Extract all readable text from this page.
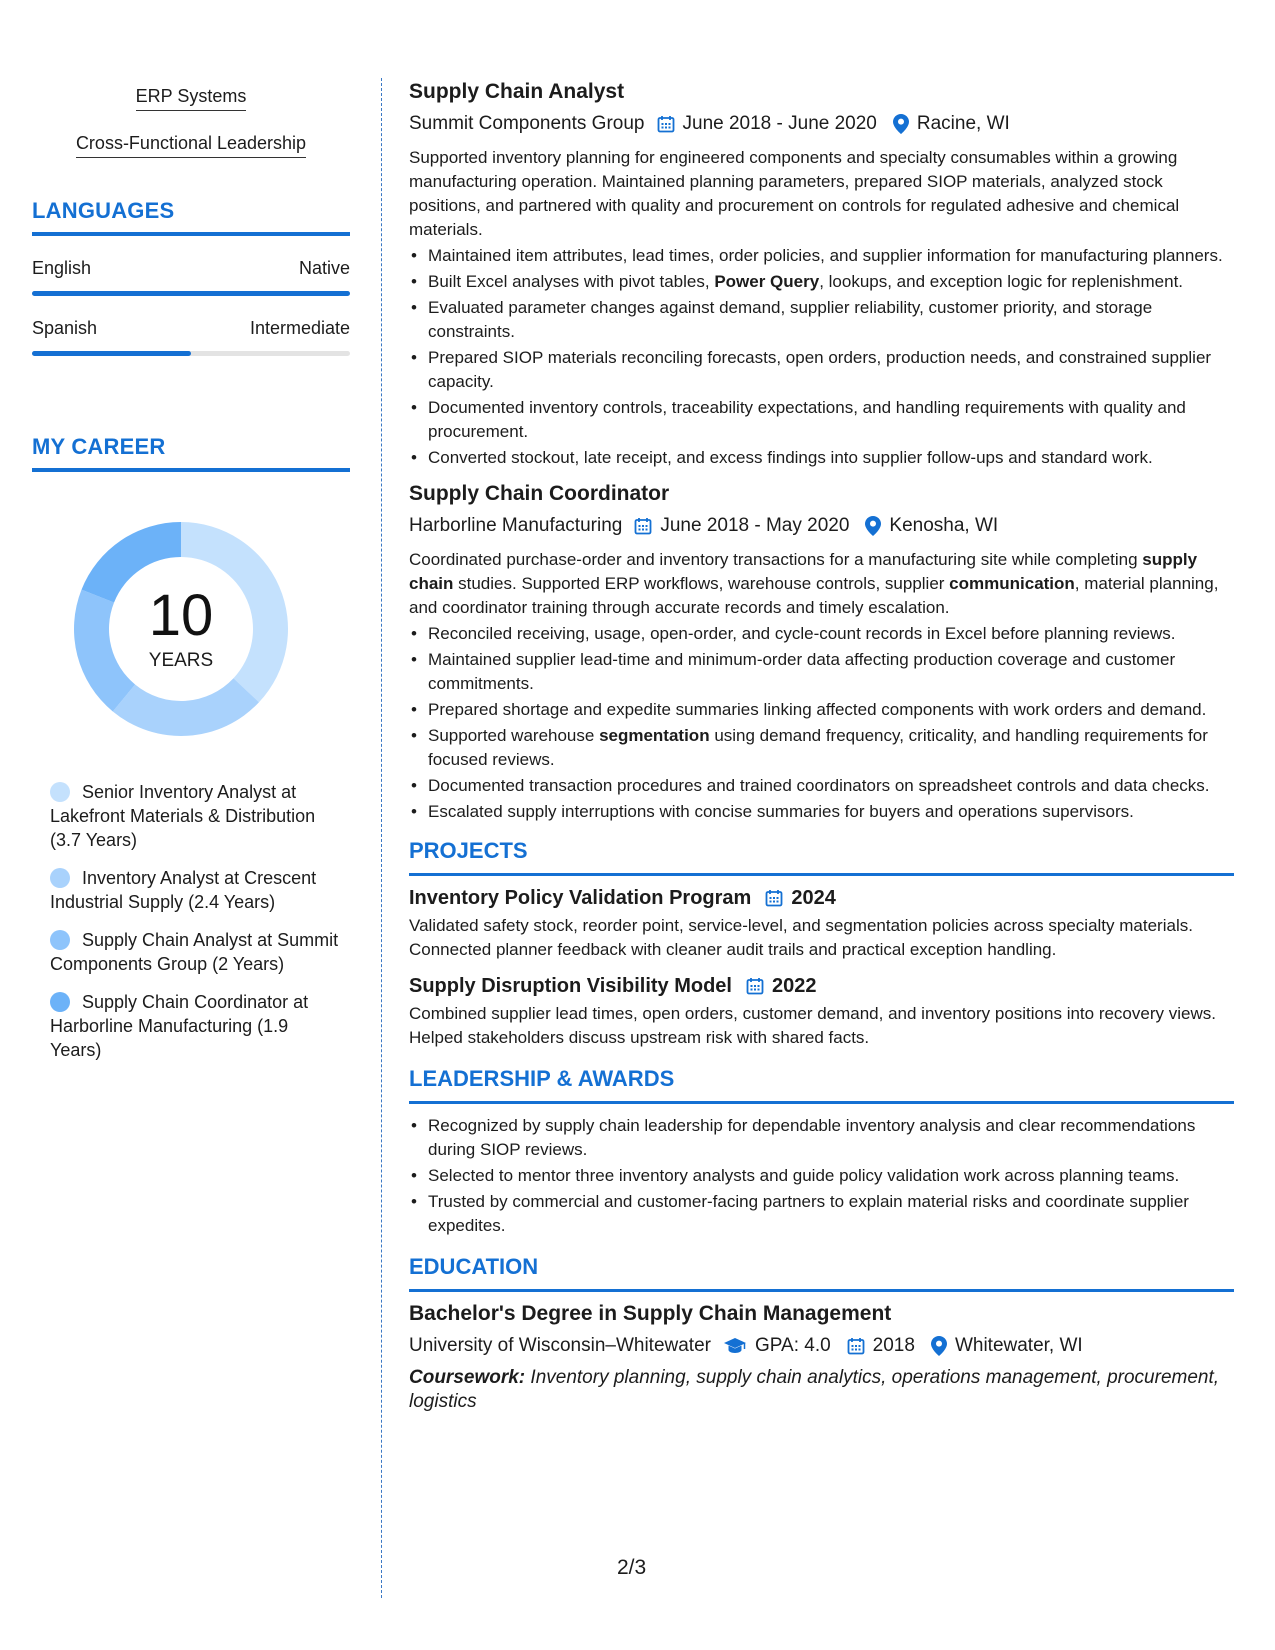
ERP Systems
Cross-Functional Leadership
LANGUAGES
English	Native
Spanish	Intermediate
MY CAREER
10
YEARS
Senior Inventory Analyst at Lakefront Materials & Distribution (3.7 Years)
Inventory Analyst at Crescent Industrial Supply (2.4 Years)
Supply Chain Analyst at Summit Components Group (2 Years)
Supply Chain Coordinator at Harborline Manufacturing (1.9 Years)
Supply Chain Analyst
Summit Components Group June 2018 - June 2020 Racine, WI
Supported inventory planning for engineered components and specialty consumables within a growing manufacturing operation. Maintained planning parameters, prepared SIOP materials, analyzed stock positions, and partnered with quality and procurement on controls for regulated adhesive and chemical materials.
• Maintained item attributes, lead times, order policies, and supplier information for manufacturing planners.
• Built Excel analyses with pivot tables, Power Query, lookups, and exception logic for replenishment.
• Evaluated parameter changes against demand, supplier reliability, customer priority, and storage constraints.
• Prepared SIOP materials reconciling forecasts, open orders, production needs, and constrained supplier capacity.
• Documented inventory controls, traceability expectations, and handling requirements with quality and procurement.
• Converted stockout, late receipt, and excess findings into supplier follow-ups and standard work.
Supply Chain Coordinator
Harborline Manufacturing June 2018 - May 2020 Kenosha, WI
Coordinated purchase-order and inventory transactions for a manufacturing site while completing supply chain studies. Supported ERP workflows, warehouse controls, supplier communication, material planning, and coordinator training through accurate records and timely escalation.
• Reconciled receiving, usage, open-order, and cycle-count records in Excel before planning reviews.
• Maintained supplier lead-time and minimum-order data affecting production coverage and customer commitments.
• Prepared shortage and expedite summaries linking affected components with work orders and demand.
• Supported warehouse segmentation using demand frequency, criticality, and handling requirements for focused reviews.
• Documented transaction procedures and trained coordinators on spreadsheet controls and data checks.
• Escalated supply interruptions with concise summaries for buyers and operations supervisors.
PROJECTS
Inventory Policy Validation Program 2024
Validated safety stock, reorder point, service-level, and segmentation policies across specialty materials. Connected planner feedback with cleaner audit trails and practical exception handling.
Supply Disruption Visibility Model 2022
Combined supplier lead times, open orders, customer demand, and inventory positions into recovery views. Helped stakeholders discuss upstream risk with shared facts.
LEADERSHIP & AWARDS
• Recognized by supply chain leadership for dependable inventory analysis and clear recommendations during SIOP reviews.
• Selected to mentor three inventory analysts and guide policy validation work across planning teams.
• Trusted by commercial and customer-facing partners to explain material risks and coordinate supplier expedites.
EDUCATION
Bachelor's Degree in Supply Chain Management
University of Wisconsin–Whitewater GPA: 4.0 2018 Whitewater, WI
Coursework: Inventory planning, supply chain analytics, operations management, procurement, logistics
2/3
